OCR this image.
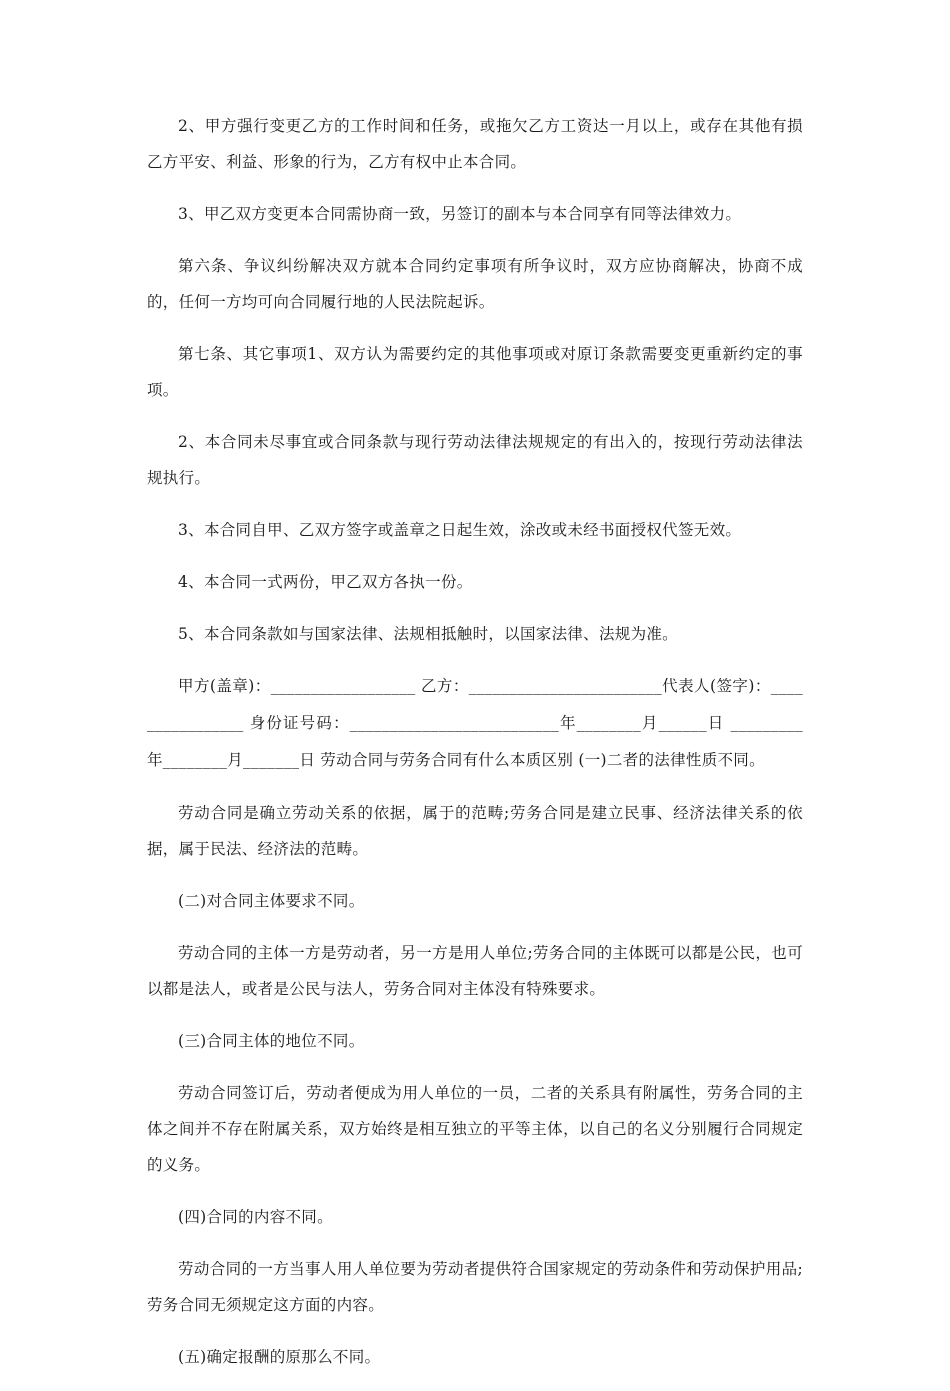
2、甲方强行变更乙方的工作时间和任务，或拖欠乙方工资达一月以上，或存在其他有损乙方平安、利益、形象的行为，乙方有权中止本合同。

3、甲乙双方变更本合同需协商一致，另签订的副本与本合同享有同等法律效力。

第六条、争议纠纷解决双方就本合同约定事项有所争议时，双方应协商解决，协商不成的，任何一方均可向合同履行地的人民法院起诉。

第七条、其它事项1、双方认为需要约定的其他事项或对原订条款需要变更重新约定的事项。

2、本合同未尽事宜或合同条款与现行劳动法律法规规定的有出入的，按现行劳动法律法规执行。

3、本合同自甲、乙双方签字或盖章之日起生效，涂改或未经书面授权代签无效。

4、本合同一式两份，甲乙双方各执一份。

5、本合同条款如与国家法律、法规相抵触时，以国家法律、法规为准。

甲方(盖章)：__________________ 乙方：________________________代表人(签字)：________________ 身份证号码：__________________________年________月______日 _________年________月_______日 劳动合同与劳务合同有什么本质区别 (一)二者的法律性质不同。

劳动合同是确立劳动关系的依据，属于的范畴;劳务合同是建立民事、经济法律关系的依据，属于民法、经济法的范畴。

(二)对合同主体要求不同。

劳动合同的主体一方是劳动者，另一方是用人单位;劳务合同的主体既可以都是公民，也可以都是法人，或者是公民与法人，劳务合同对主体没有特殊要求。

(三)合同主体的地位不同。

劳动合同签订后，劳动者便成为用人单位的一员，二者的关系具有附属性，劳务合同的主体之间并不存在附属关系，双方始终是相互独立的平等主体，以自己的名义分别履行合同规定的义务。

(四)合同的内容不同。

劳动合同的一方当事人用人单位要为劳动者提供符合国家规定的劳动条件和劳动保护用品;劳务合同无须规定这方面的内容。

(五)确定报酬的原那么不同。
